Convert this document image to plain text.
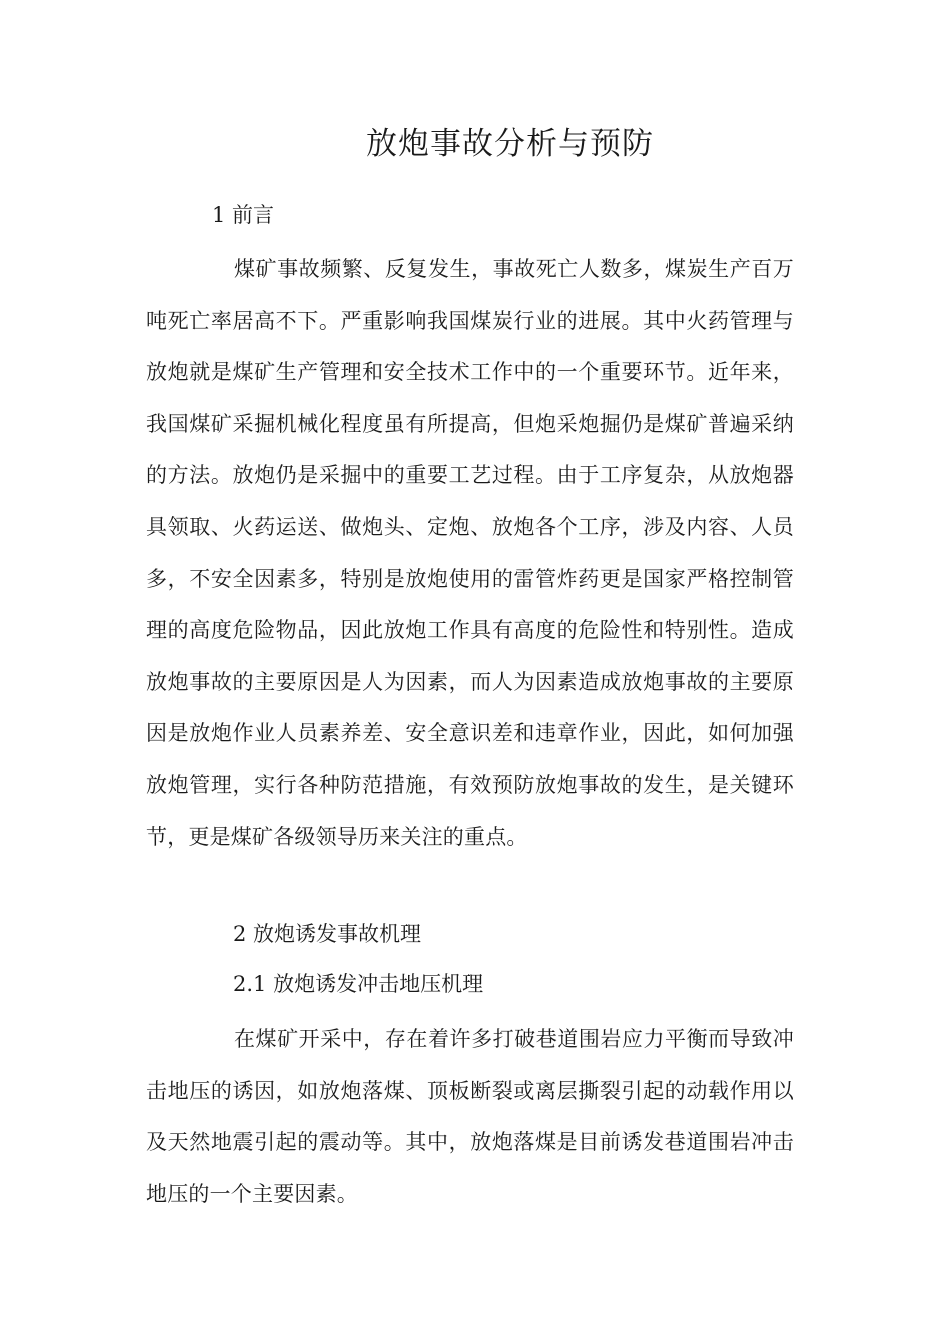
放炮事故分析与预防
1 前言
煤矿事故频繁、反复发生，事故死亡人数多，煤炭生产百万吨死亡率居高不下。严重影响我国煤炭行业的进展。其中火药管理与放炮就是煤矿生产管理和安全技术工作中的一个重要环节。近年来，我国煤矿采掘机械化程度虽有所提高，但炮采炮掘仍是煤矿普遍采纳的方法。放炮仍是采掘中的重要工艺过程。由于工序复杂，从放炮器具领取、火药运送、做炮头、定炮、放炮各个工序，涉及内容、人员多，不安全因素多，特别是放炮使用的雷管炸药更是国家严格控制管理的高度危险物品，因此放炮工作具有高度的危险性和特别性。造成放炮事故的主要原因是人为因素，而人为因素造成放炮事故的主要原因是放炮作业人员素养差、安全意识差和违章作业，因此，如何加强放炮管理，实行各种防范措施，有效预防放炮事故的发生，是关键环节，更是煤矿各级领导历来关注的重点。
2 放炮诱发事故机理
2.1 放炮诱发冲击地压机理
在煤矿开采中，存在着许多打破巷道围岩应力平衡而导致冲击地压的诱因，如放炮落煤、顶板断裂或离层撕裂引起的动载作用以及天然地震引起的震动等。其中，放炮落煤是目前诱发巷道围岩冲击地压的一个主要因素。
